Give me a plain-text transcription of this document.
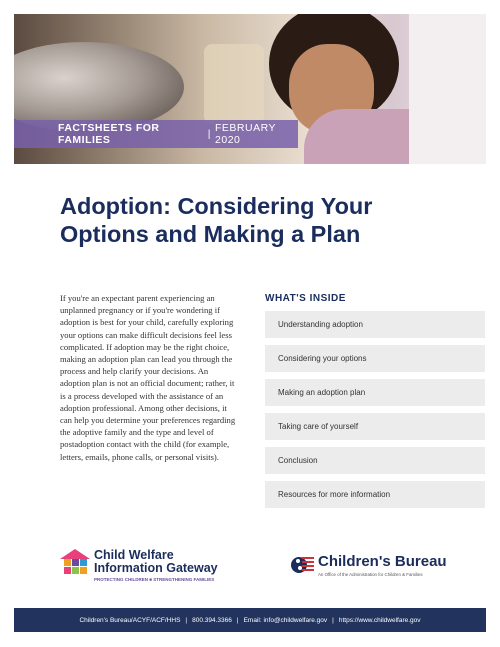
FACTSHEETS FOR FAMILIES	| FEBRUARY 2020
Adoption: Considering Your
Options and Making a Plan

If you're an expectant parent experiencing an unplanned pregnancy or if you're wondering if adoption is best for your child, carefully exploring your options can make difficult decisions feel less complicated. If adoption may be the right choice, making an adoption plan can lead you through the process and help clarify your decisions. An adoption plan is not an official document; rather, it is a process developed with the assistance of an adoption professional. Among other decisions, it can help you determine your preferences regarding the adoptive family and the type and level of postadoption contact with the child (for example, letters, emails, phone calls, or personal visits).

WHAT'S INSIDE
Understanding adoption
Considering your options
Making an adoption plan
Taking care of yourself
Conclusion
Resources for more information
Child Welfare
Information Gateway
PROTECTING CHILDREN ■ STRENGTHENING FAMILIES
Children's Bureau
An Office of the Administration for Children & Families
Children's Bureau/ACYF/ACF/HHS | 800.394.3366 | Email: info@childwelfare.gov | https://www.childwelfare.gov
